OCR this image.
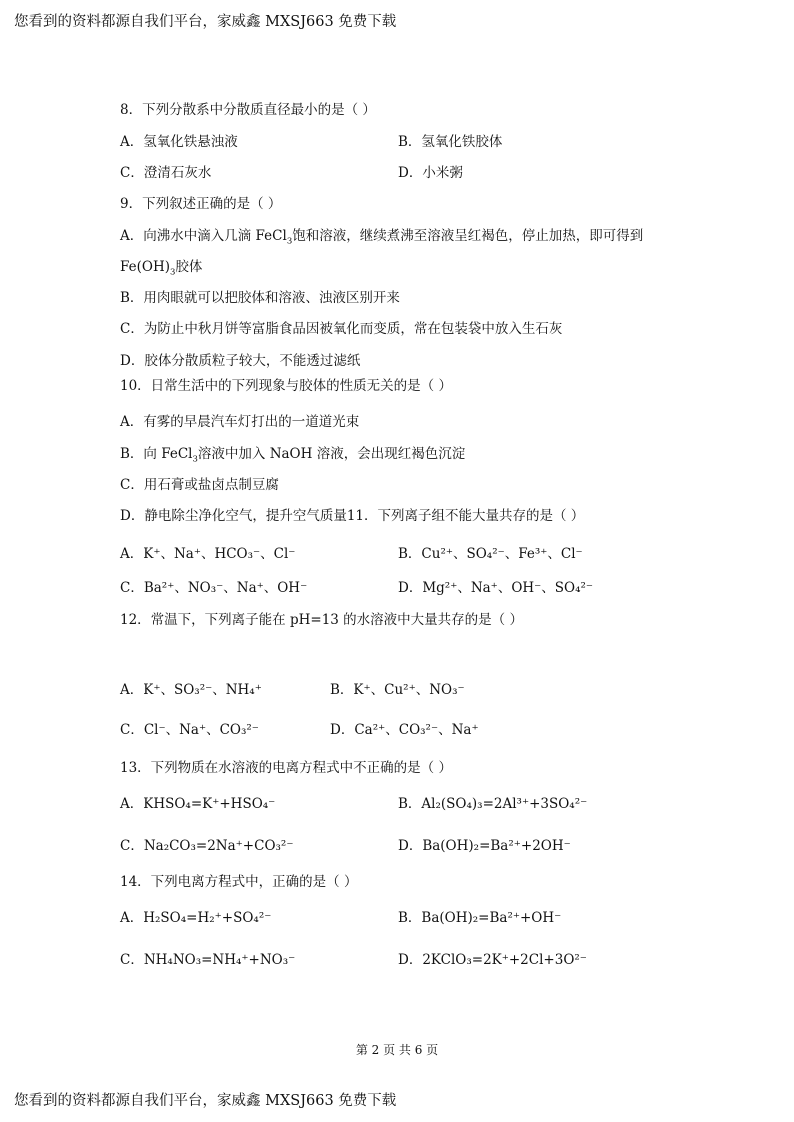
您看到的资料都源自我们平台，家威鑫 MXSJ663 免费下载
8．下列分散系中分散质直径最小的是（ ）
A．氢氧化铁悬浊液	B．氢氧化铁胶体
C．澄清石灰水	D．小米粥
9．下列叙述正确的是（ ）
A．向沸水中滴入几滴 FeCl$_3$饱和溶液，继续煮沸至溶液呈红褐色，停止加热，即可得到
$Fe(OH)_3$胶体
B．用肉眼就可以把胶体和溶液、浊液区别开来
C．为防止中秋月饼等富脂食品因被氧化而变质，常在包装袋中放入生石灰
D．胶体分散质粒子较大，不能透过滤纸
10．日常生活中的下列现象与胶体的性质无关的是（ ）
A．有雾的早晨汽车灯打出的一道道光束
B．向 FeCl$_3$溶液中加入 NaOH 溶液，会出现红褐色沉淀
C．用石膏或盐卤点制豆腐
D．静电除尘净化空气，提升空气质量11．下列离子组不能大量共存的是（ ）
A．K⁺、Na⁺、HCO₃⁻、Cl⁻	B．Cu²⁺、SO₄²⁻、Fe³⁺、Cl⁻
C．Ba²⁺、NO₃⁻、Na⁺、OH⁻	D．Mg²⁺、Na⁺、OH⁻、SO₄²⁻
12．常温下，下列离子能在 pH=13 的水溶液中大量共存的是（ ）
A．K⁺、SO₃²⁻、NH₄⁺	B．K⁺、Cu²⁺、NO₃⁻
C．Cl⁻、Na⁺、CO₃²⁻	D．Ca²⁺、CO₃²⁻、Na⁺
13．下列物质在水溶液的电离方程式中不正确的是（ ）
A．KHSO₄=K⁺+HSO₄⁻	B．Al₂(SO₄)₃=2Al³⁺+3SO₄²⁻
C．Na₂CO₃=2Na⁺+CO₃²⁻	D．Ba(OH)₂=Ba²⁺+2OH⁻
14．下列电离方程式中，正确的是（ ）
A．H₂SO₄=H₂⁺+SO₄²⁻	B．Ba(OH)₂=Ba²⁺+OH⁻
C．NH₄NO₃=NH₄⁺+NO₃⁻	D．2KClO₃=2K⁺+2Cl+3O²⁻
第 2 页 共 6 页
您看到的资料都源自我们平台，家威鑫 MXSJ663 免费下载
